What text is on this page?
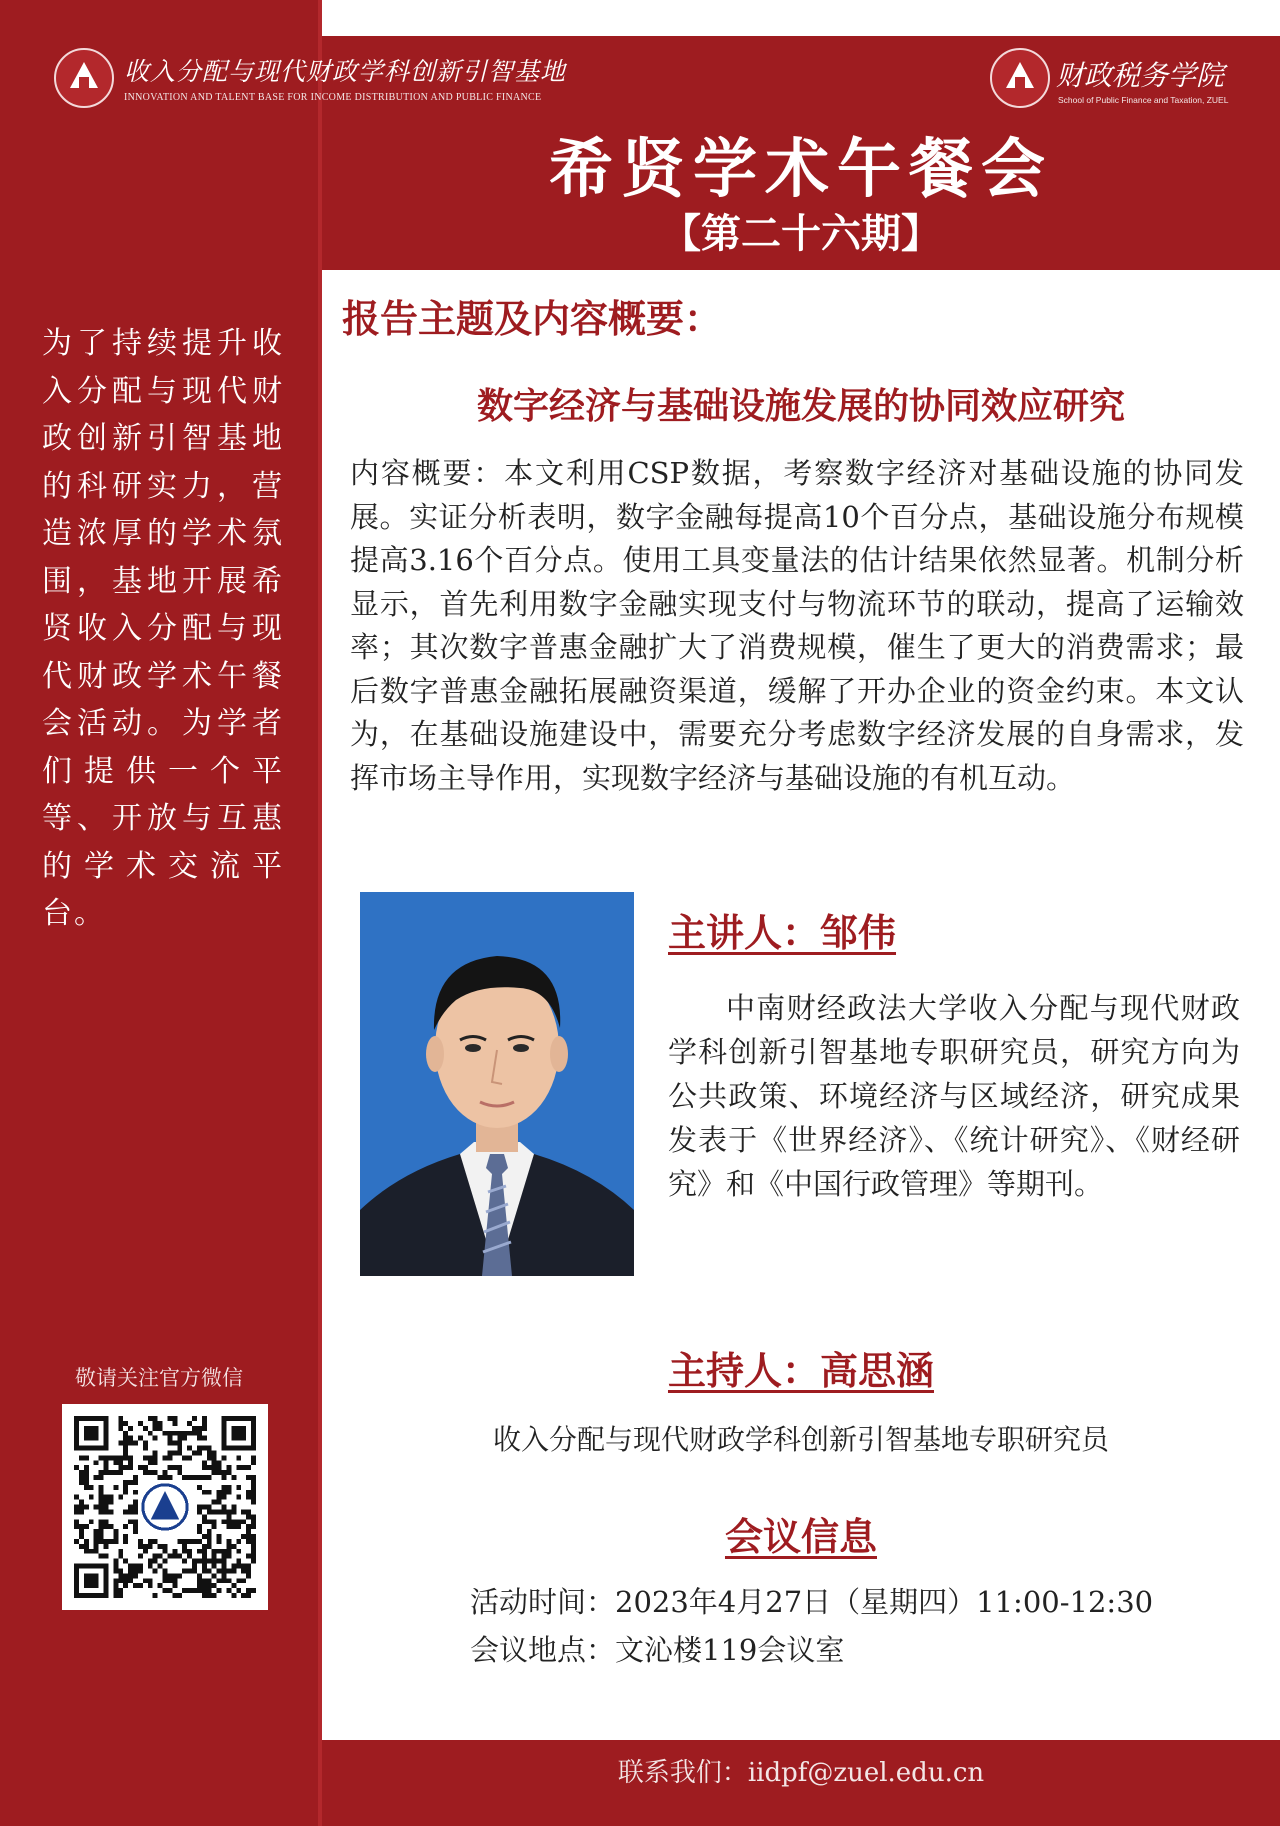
收入分配与现代财政学科创新引智基地
INNOVATION AND TALENT BASE FOR INCOME DISTRIBUTION AND PUBLIC FINANCE
财政税务学院
School of Public Finance and Taxation, ZUEL
希贤学术午餐会
【第二十六期】
为了持续提升收入分配与现代财政创新引智基地的科研实力，营造浓厚的学术氛围，基地开展希贤收入分配与现代财政学术午餐会活动。为学者们提供一个平等、开放与互惠的学术交流平台。
敬请关注官方微信
报告主题及内容概要：
数字经济与基础设施发展的协同效应研究
内容概要：本文利用CSP数据，考察数字经济对基础设施的协同发展。实证分析表明，数字金融每提高10个百分点，基础设施分布规模提高3.16个百分点。使用工具变量法的估计结果依然显著。机制分析显示，首先利用数字金融实现支付与物流环节的联动，提高了运输效率；其次数字普惠金融扩大了消费规模，催生了更大的消费需求；最后数字普惠金融拓展融资渠道，缓解了开办企业的资金约束。本文认为，在基础设施建设中，需要充分考虑数字经济发展的自身需求，发挥市场主导作用，实现数字经济与基础设施的有机互动。
主讲人：邹伟
中南财经政法大学收入分配与现代财政学科创新引智基地专职研究员，研究方向为公共政策、环境经济与区域经济，研究成果发表于《世界经济》、《统计研究》、《财经研究》和《中国行政管理》等期刊。
主持人：高思涵
收入分配与现代财政学科创新引智基地专职研究员
会议信息
活动时间：2023年4月27日（星期四）11:00-12:30
会议地点：文沁楼119会议室
联系我们：iidpf@zuel.edu.cn
